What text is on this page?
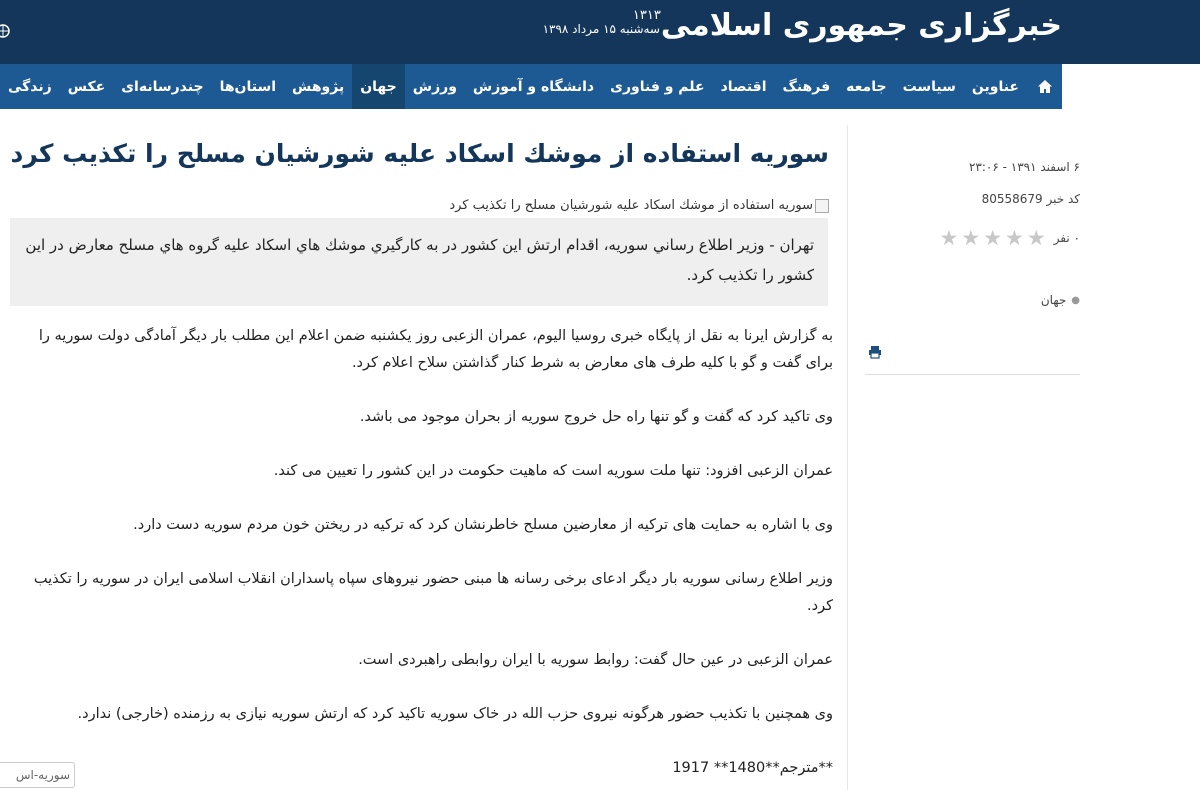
سه‌شنبه ۱۵ مرداد ۱۳۹۸ خبرگزاری جمهوری اسلامی$^{۱۳۱۳}$
عناوین
سیاست
جامعه
فرهنگ
اقتصاد
علم و فناوری
دانشگاه و آموزش
ورزش
جهان
پژوهش
استان‌ها
چندرسانه‌ای
عکس
زندگی
سوريه استفاده از موشك اسكاد عليه شورشيان مسلح را تكذيب كرد
سوريه استفاده از موشك اسكاد عليه شورشيان مسلح را تكذيب كرد

تهران - وزير اطلاع رساني سوريه، اقدام ارتش اين كشور در به كارگيري موشك هاي اسكاد عليه گروه هاي مسلح معارض در اين كشور را تكذيب كرد.

به گزارش ایرنا به نقل از پایگاه خبری روسیا الیوم، عمران الزعبی روز یکشنبه ضمن اعلام این مطلب بار دیگر آمادگی دولت سوریه را برای گفت و گو با کلیه طرف های معارض به شرط کنار گذاشتن سلاح اعلام کرد.

وی تاکید کرد که گفت و گو تنها راه حل خروج سوریه از بحران موجود می باشد.

عمران الزعبی افزود: تنها ملت سوریه است که ماهیت حکومت در این کشور را تعیین می کند.

وی با اشاره به حمایت های ترکیه از معارضین مسلح خاطرنشان کرد که ترکیه در ریختن خون مردم سوریه دست دارد.

وزیر اطلاع رسانی سوریه بار دیگر ادعای برخی رسانه ها مبنی حضور نیروهای سپاه پاسداران انقلاب اسلامی ایران در سوریه را تکذیب کرد.

عمران الزعبی در عین حال گفت: روابط سوریه با ایران روابطی راهبردی است.

وی همچنین با تکذیب حضور هرگونه نیروی حزب الله در خاک سوریه تاکید کرد که ارتش سوریه نیازی به رزمنده (خارجی) ندارد.

**مترجم**1480** 1917

۶ اسفند ۱۳۹۱ - ۲۳:۰۶
كد خبر 80558679
۰ نفر
★ ★ ★ ★ ★
●
جهان
سوریه-اس
